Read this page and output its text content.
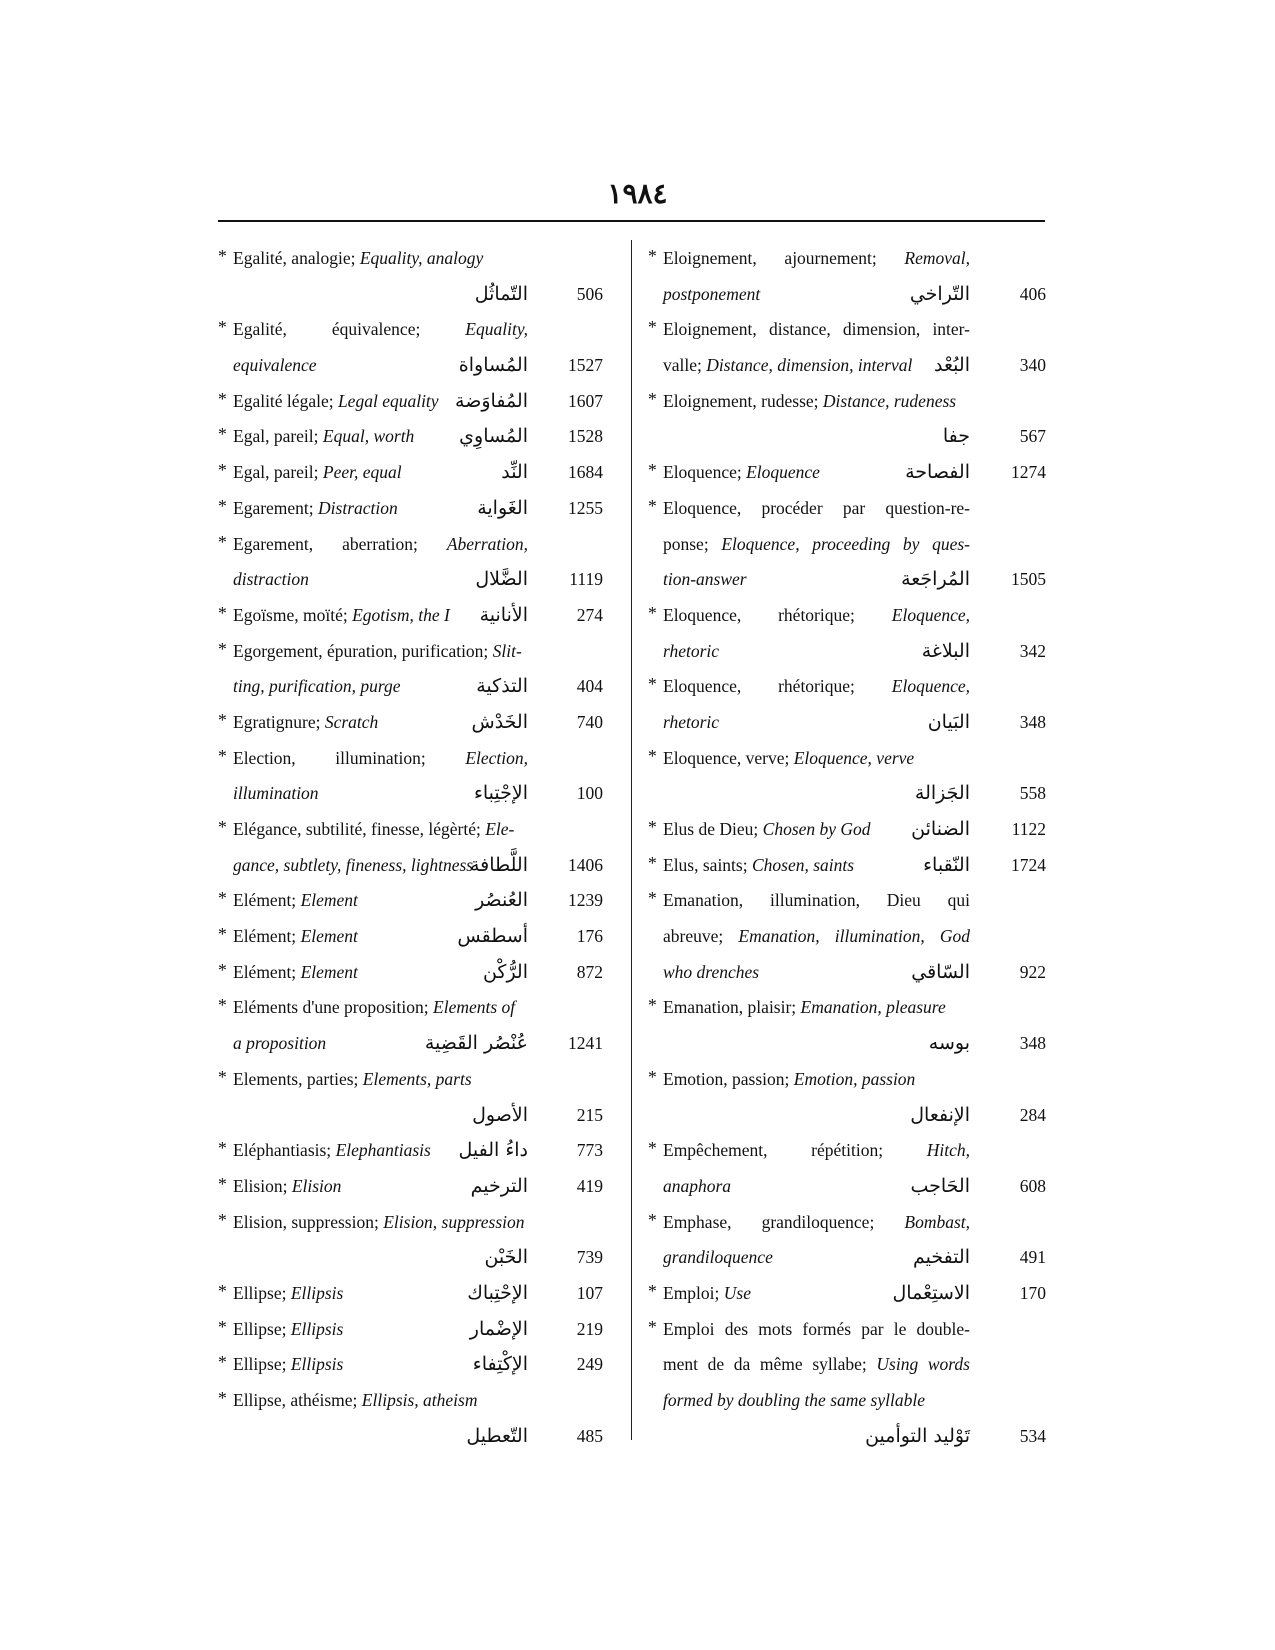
١٩٨٤
* Egalité, analogie; Equality, analogy
التّماثُل	506
* Egalité, équivalence;	Equality,
equivalence	المُساواة	1527
* Egalité légale; Legal equality المُفاوَضة	1607
* Egal, pareil; Equal, worth	المُساوِي	1528
* Egal, pareil; Peer, equal	النِّد	1684
* Egarement; Distraction	الغَواية	1255
* Egarement, aberration; Aberration,
distraction	الضَّلال	1119
* Egoïsme, moïté; Egotism, the I	الأنانية	274
* Egorgement, épuration, purification; Slit-
ting, purification, purge	التذكية	404
* Egratignure; Scratch	الخَدْش	740
* Election, illumination; Election,
illumination	الإجْتِباء	100
* Elégance, subtilité, finesse, légèrté; Ele-
gance, subtlety, fineness, lightness
اللَّطافة	1406
* Elément; Element	العُنصُر	1239
* Elément; Element	أسطقس	176
* Elément; Element	الرُّكْن	872
* Eléments d'une proposition; Elements of
a proposition	عُنْصُر القَضِية	1241
* Elements, parties; Elements, parts
الأصول	215
* Eléphantiasis; Elephantiasis	داءُ الفيل	773
* Elision; Elision	الترخيم	419
* Elision, suppression; Elision, suppression
الخَبْن	739
* Ellipse; Ellipsis	الإحْتِباك	107
* Ellipse; Ellipsis	الإضْمار	219
* Ellipse; Ellipsis	الإكْتِفاء	249
* Ellipse, athéisme; Ellipsis, atheism
التّعطيل	485
* Eloignement, ajournement; Removal,
postponement	التّراخي	406
* Eloignement, distance, dimension, inter-
valle; Distance, dimension, interval	البُعْد	340
* Eloignement, rudesse; Distance, rudeness
جفا	567
* Eloquence; Eloquence	الفصاحة	1274
* Eloquence, procéder par question-re-
ponse; Eloquence, proceeding by ques-
tion-answer	المُراجَعة	1505
* Eloquence, rhétorique; Eloquence,
rhetoric	البلاغة	342
* Eloquence, rhétorique; Eloquence,
rhetoric	البَيان	348
* Eloquence, verve; Eloquence, verve
الجَزالة	558
* Elus de Dieu; Chosen by God	الضنائن	1122
* Elus, saints; Chosen, saints	النّقباء	1724
* Emanation, illumination, Dieu qui
abreuve; Emanation, illumination, God
who drenches	السّاقي	922
* Emanation, plaisir; Emanation, pleasure
بوسه	348
* Emotion, passion; Emotion, passion
الإنفعال	284
* Empêchement, répétition; Hitch,
anaphora	الحَاجب	608
* Emphase, grandiloquence; Bombast,
grandiloquence	التفخيم	491
* Emploi; Use	الاستِعْمال	170
* Emploi des mots formés par le double-
ment de da même syllabe; Using words
formed by doubling the same syllable
تَوْليد التوأمين	534
